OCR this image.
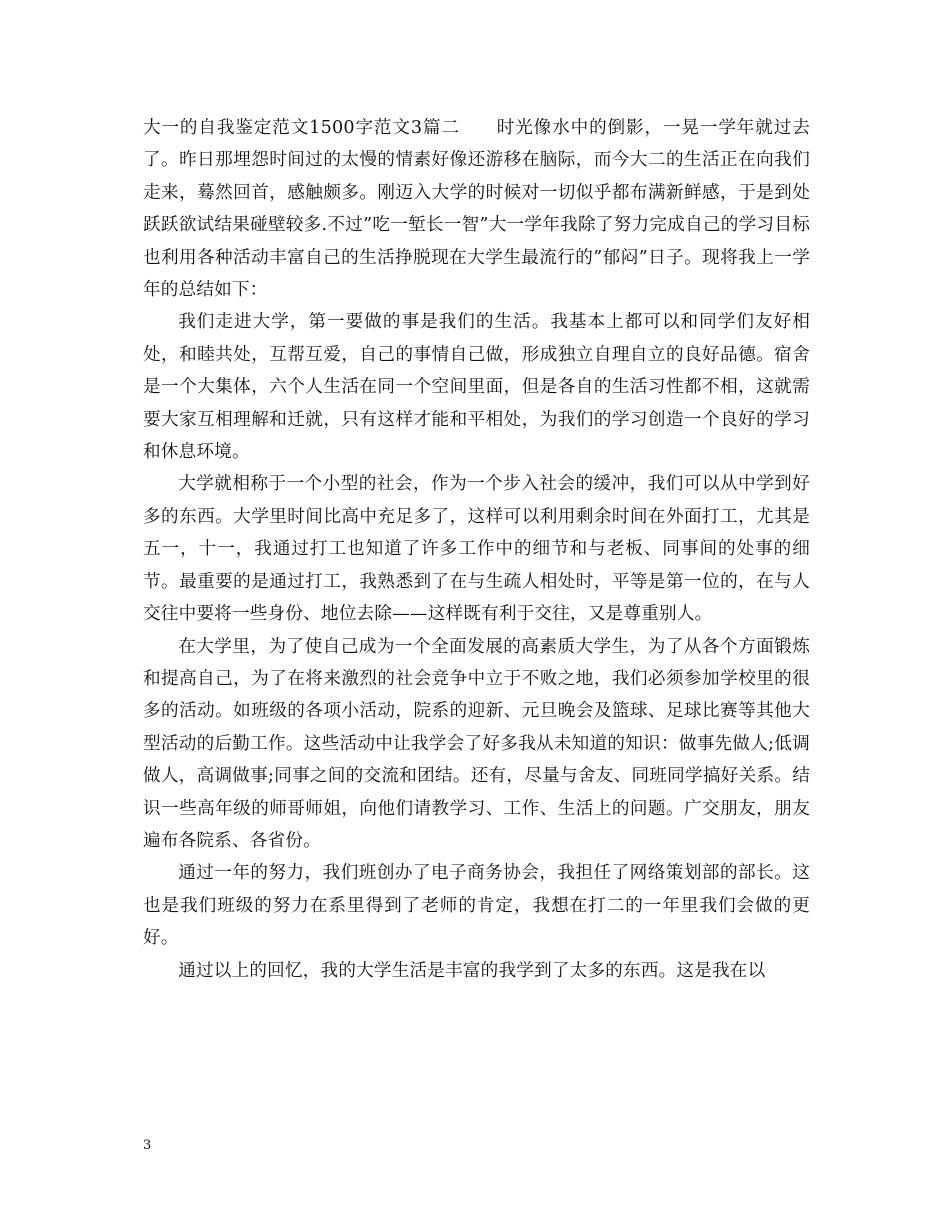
大一的自我鉴定范文1500字范文3篇二　　时光像水中的倒影，一晃一学年就过去了。昨日那埋怨时间过的太慢的情素好像还游移在脑际，而今大二的生活正在向我们走来，蓦然回首，感触颇多。刚迈入大学的时候对一切似乎都布满新鲜感，于是到处跃跃欲试结果碰壁较多.不过”吃一堑长一智”大一学年我除了努力完成自己的学习目标也利用各种活动丰富自己的生活挣脱现在大学生最流行的”郁闷”日子。现将我上一学年的总结如下：

我们走进大学，第一要做的事是我们的生活。我基本上都可以和同学们友好相处，和睦共处，互帮互爱，自己的事情自己做，形成独立自理自立的良好品德。宿舍是一个大集体，六个人生活在同一个空间里面，但是各自的生活习性都不相，这就需要大家互相理解和迁就，只有这样才能和平相处，为我们的学习创造一个良好的学习和休息环境。

大学就相称于一个小型的社会，作为一个步入社会的缓冲，我们可以从中学到好多的东西。大学里时间比高中充足多了，这样可以利用剩余时间在外面打工，尤其是五一，十一，我通过打工也知道了许多工作中的细节和与老板、同事间的处事的细节。最重要的是通过打工，我熟悉到了在与生疏人相处时，平等是第一位的，在与人交往中要将一些身份、地位去除——这样既有利于交往，又是尊重别人。

在大学里，为了使自己成为一个全面发展的高素质大学生，为了从各个方面锻炼和提高自己，为了在将来激烈的社会竞争中立于不败之地，我们必须参加学校里的很多的活动。如班级的各项小活动，院系的迎新、元旦晚会及篮球、足球比赛等其他大型活动的后勤工作。这些活动中让我学会了好多我从未知道的知识：做事先做人;低调做人，高调做事;同事之间的交流和团结。还有，尽量与舍友、同班同学搞好关系。结识一些高年级的师哥师姐，向他们请教学习、工作、生活上的问题。广交朋友，朋友遍布各院系、各省份。

通过一年的努力，我们班创办了电子商务协会，我担任了网络策划部的部长。这也是我们班级的努力在系里得到了老师的肯定，我想在打二的一年里我们会做的更好。

通过以上的回忆，我的大学生活是丰富的我学到了太多的东西。这是我在以

3
